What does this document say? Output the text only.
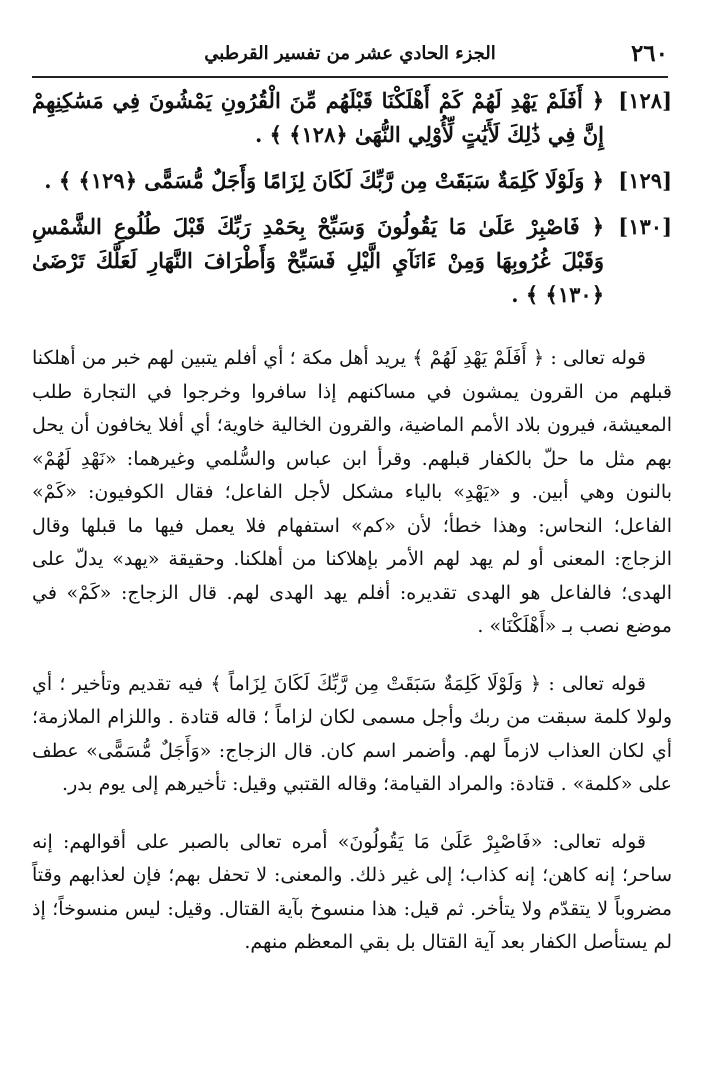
٢٦٠
الجزء الحادي عشر من تفسير القرطبي
[١٢٨]
﴿ أَفَلَمْ يَهْدِ لَهُمْ كَمْ أَهْلَكْنَا قَبْلَهُم مِّنَ الْقُرُونِ يَمْشُونَ فِي مَسَٰكِنِهِمْ إِنَّ فِي ذَٰلِكَ لَأَيَٰتٍ لِّأُوْلِي النُّهَىٰ ﴿١٢٨﴾ ﴾ .
[١٢٩]
﴿ وَلَوْلَا كَلِمَةٌ سَبَقَتْ مِن رَّبِّكَ لَكَانَ لِزَامًا وَأَجَلٌ مُّسَمًّى ﴿١٢٩﴾ ﴾ .
[١٣٠]
﴿ فَاصْبِرْ عَلَىٰ مَا يَقُولُونَ وَسَبِّحْ بِحَمْدِ رَبِّكَ قَبْلَ طُلُوعِ الشَّمْسِ وَقَبْلَ غُرُوبِهَا وَمِنْ ءَانَآيِ الَّيْلِ فَسَبِّحْ وَأَطْرَافَ النَّهَارِ لَعَلَّكَ تَرْضَىٰ ﴿١٣٠﴾ ﴾ .

قوله تعالى : ﴿ أَفَلَمْ يَهْدِ لَهُمْ ﴾ يريد أهل مكة ؛ أي أفلم يتبين لهم خبر من أهلكنا قبلهم من القرون يمشون في مساكنهم إذا سافروا وخرجوا في التجارة طلب المعيشة، فيرون بلاد الأمم الماضية، والقرون الخالية خاوية؛ أي أفلا يخافون أن يحل بهم مثل ما حلّ بالكفار قبلهم. وقرأ ابن عباس والسُّلمي وغيرهما: «نَهْدِ لَهُمْ» بالنون وهي أبين. و «يَهْدِ» بالياء مشكل لأجل الفاعل؛ فقال الكوفيون: «كَمْ» الفاعل؛ النحاس: وهذا خطأ؛ لأن «كم» استفهام فلا يعمل فيها ما قبلها وقال الزجاج: المعنى أو لم يهد لهم الأمر بإهلاكنا من أهلكنا. وحقيقة «يهد» يدلّ على الهدى؛ فالفاعل هو الهدى تقديره: أفلم يهد الهدى لهم. قال الزجاج: «كَمْ» في موضع نصب بـ «أَهْلَكْنَا» .

قوله تعالى : ﴿ وَلَوْلَا كَلِمَةٌ سَبَقَتْ مِن رَّبِّكَ لَكَانَ لِزَاماً ﴾ فيه تقديم وتأخير ؛ أي ولولا كلمة سبقت من ربك وأجل مسمى لكان لزاماً ؛ قاله قتادة . واللزام الملازمة؛ أي لكان العذاب لازماً لهم. وأضمر اسم كان. قال الزجاج: «وَأَجَلٌ مُّسَمًّى» عطف على «كلمة» . قتادة: والمراد القيامة؛ وقاله القتبي وقيل: تأخيرهم إلى يوم بدر.

قوله تعالى: «فَاصْبِرْ عَلَىٰ مَا يَقُولُونَ» أمره تعالى بالصبر على أقوالهم: إنه ساحر؛ إنه كاهن؛ إنه كذاب؛ إلى غير ذلك. والمعنى: لا تحفل بهم؛ فإن لعذابهم وقتاً مضروباً لا يتقدّم ولا يتأخر. ثم قيل: هذا منسوخ بآية القتال. وقيل: ليس منسوخاً؛ إذ لم يستأصل الكفار بعد آية القتال بل بقي المعظم منهم.
